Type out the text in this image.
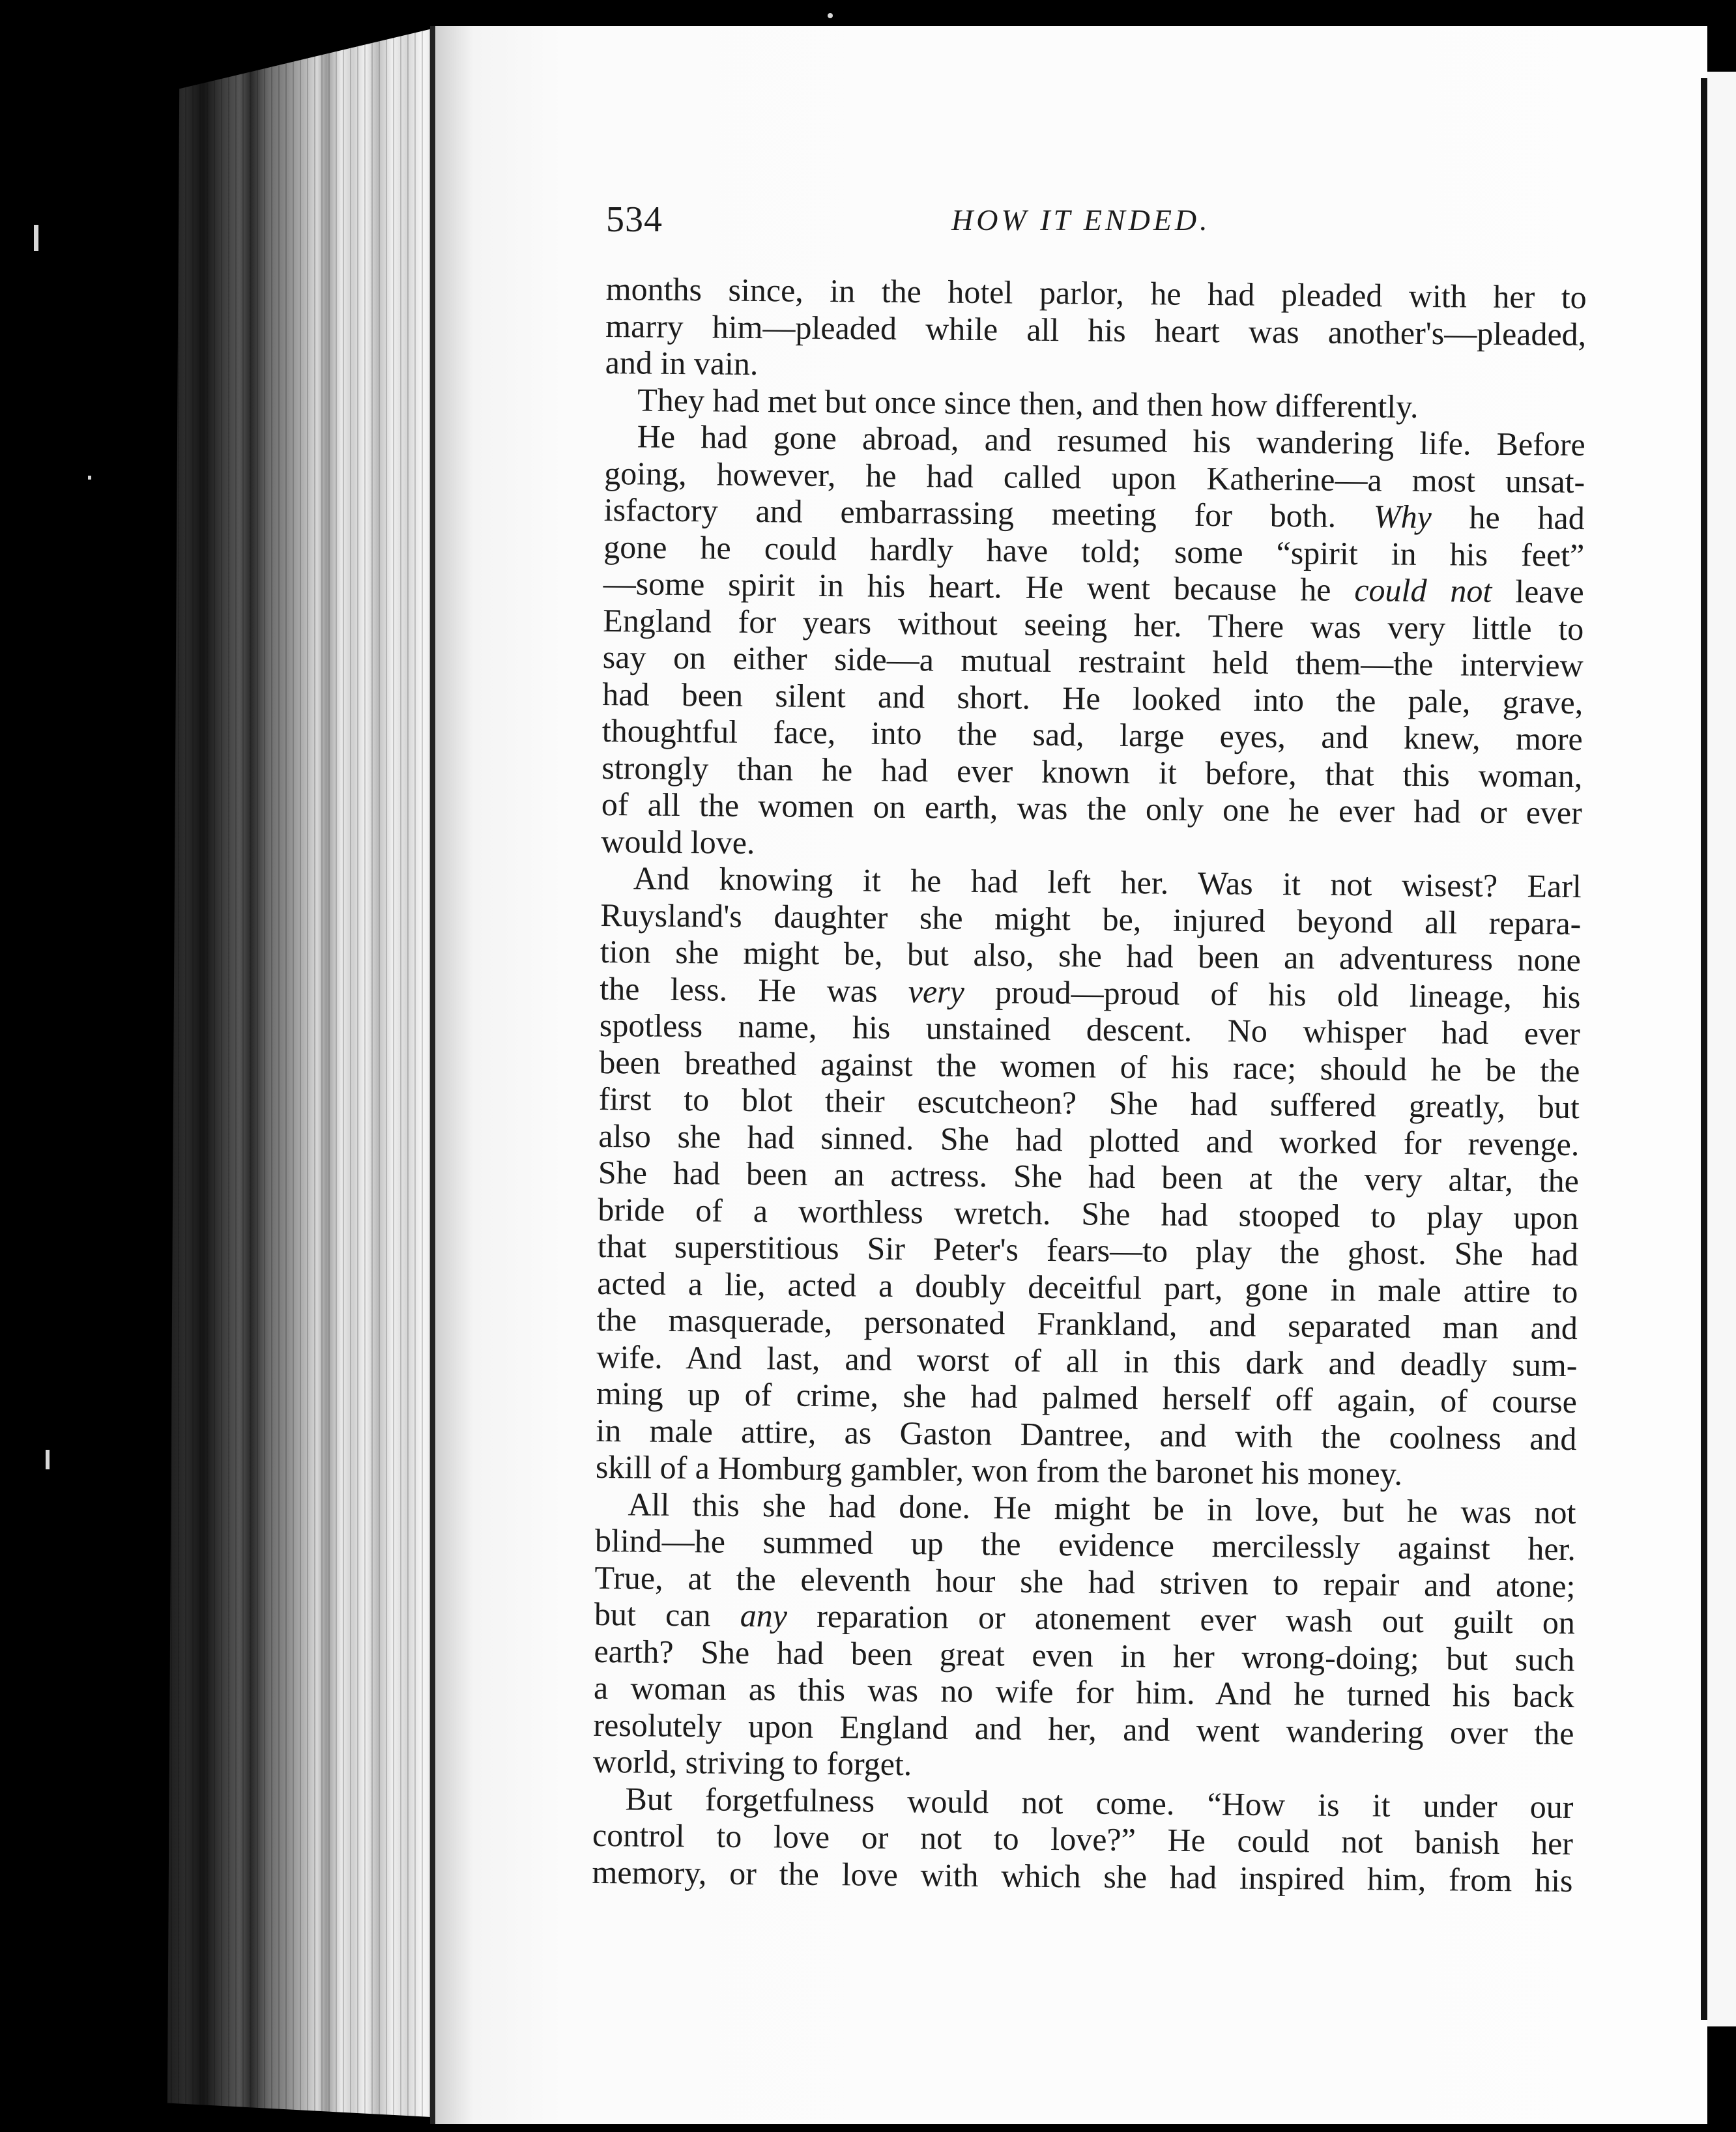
534	HOW IT ENDED.
months since, in the hotel parlor, he had pleaded with her to
marry him—pleaded while all his heart was another's—pleaded,
and in vain.
They had met but once since then, and then how differently.
He had gone abroad, and resumed his wandering life. Before
going, however, he had called upon Katherine—a most unsat-
isfactory and embarrassing meeting for both. Why he had
gone he could hardly have told; some “spirit in his feet”
—some spirit in his heart. He went because he could not leave
England for years without seeing her. There was very little to
say on either side—a mutual restraint held them—the interview
had been silent and short. He looked into the pale, grave,
thoughtful face, into the sad, large eyes, and knew, more
strongly than he had ever known it before, that this woman,
of all the women on earth, was the only one he ever had or ever
would love.
And knowing it he had left her. Was it not wisest? Earl
Ruysland's daughter she might be, injured beyond all repara-
tion she might be, but also, she had been an adventuress none
the less. He was very proud—proud of his old lineage, his
spotless name, his unstained descent. No whisper had ever
been breathed against the women of his race; should he be the
first to blot their escutcheon? She had suffered greatly, but
also she had sinned. She had plotted and worked for revenge.
She had been an actress. She had been at the very altar, the
bride of a worthless wretch. She had stooped to play upon
that superstitious Sir Peter's fears—to play the ghost. She had
acted a lie, acted a doubly deceitful part, gone in male attire to
the masquerade, personated Frankland, and separated man and
wife. And last, and worst of all in this dark and deadly sum-
ming up of crime, she had palmed herself off again, of course
in male attire, as Gaston Dantree, and with the coolness and
skill of a Homburg gambler, won from the baronet his money.
All this she had done. He might be in love, but he was not
blind—he summed up the evidence mercilessly against her.
True, at the eleventh hour she had striven to repair and atone;
but can any reparation or atonement ever wash out guilt on
earth? She had been great even in her wrong-doing; but such
a woman as this was no wife for him. And he turned his back
resolutely upon England and her, and went wandering over the
world, striving to forget.
But forgetfulness would not come. “How is it under our
control to love or not to love?” He could not banish her
memory, or the love with which she had inspired him, from his
